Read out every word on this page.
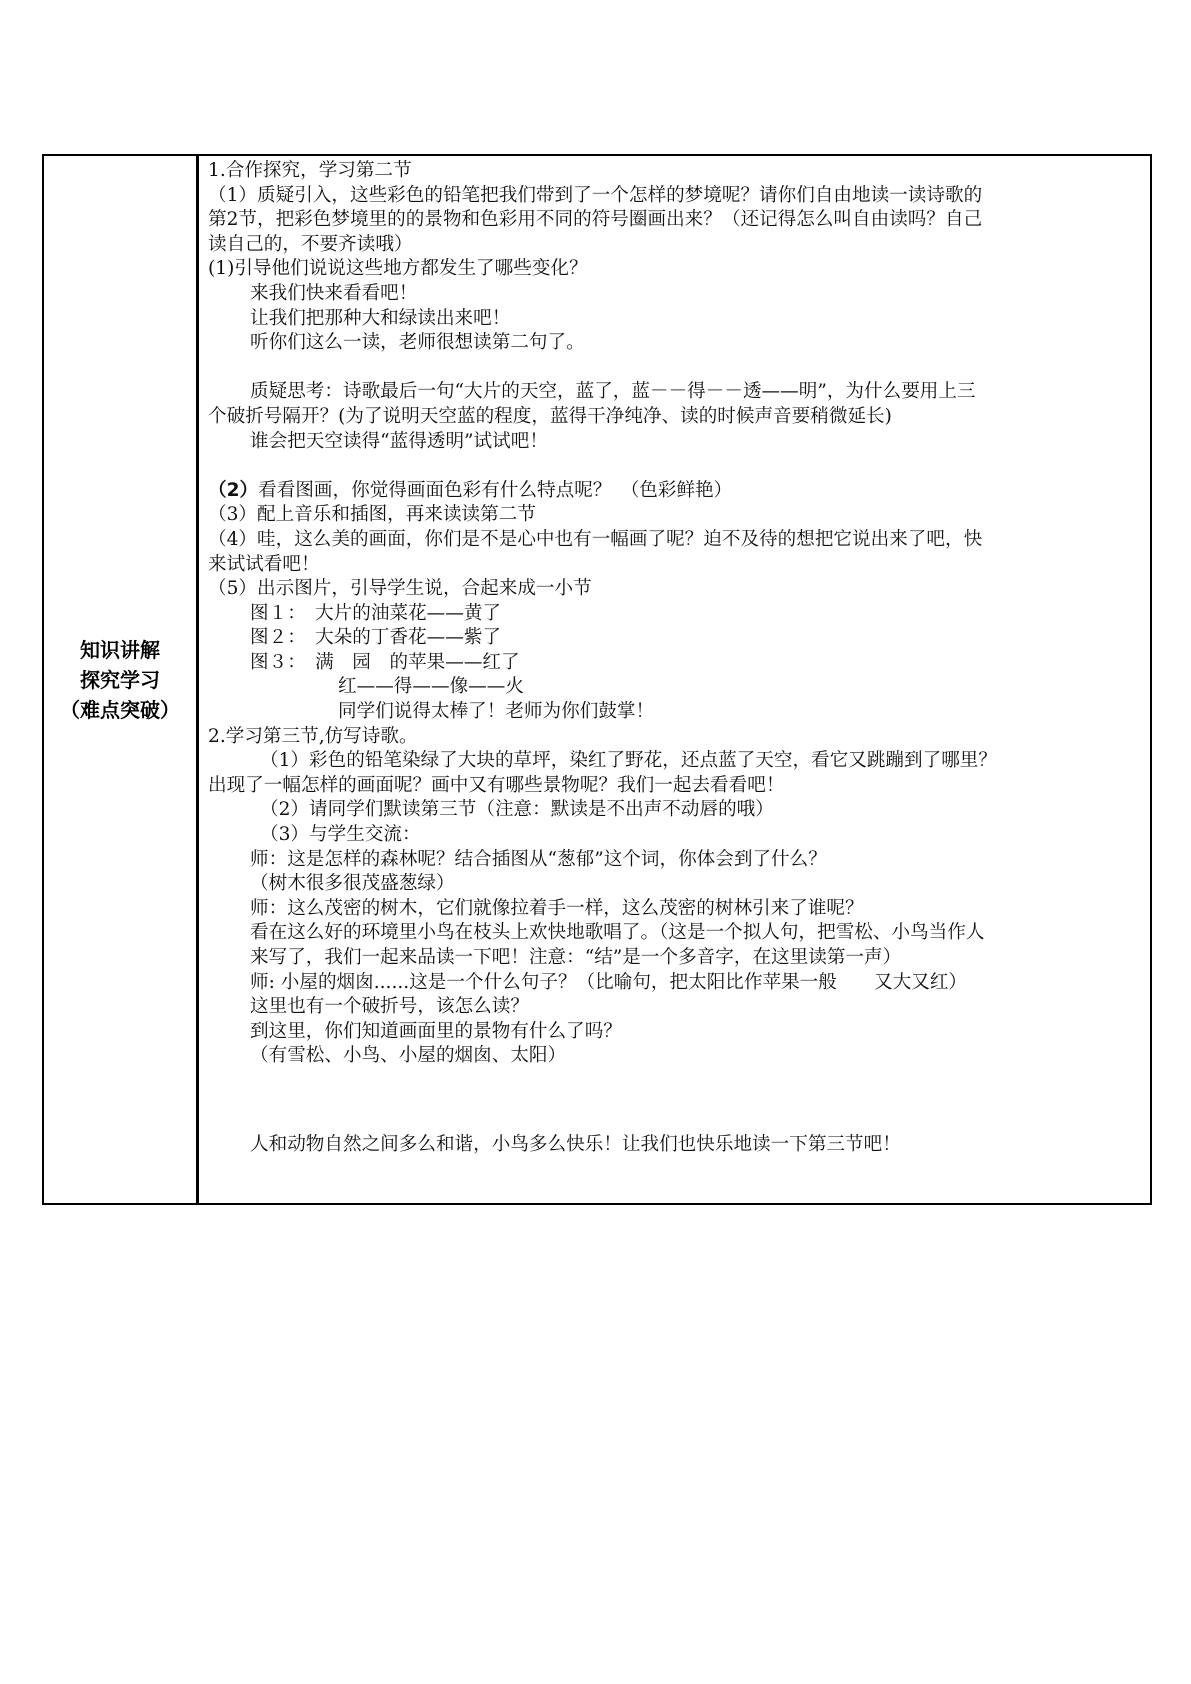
知识讲解
探究学习
（难点突破）
1.合作探究，学习第二节
（1）质疑引入，这些彩色的铅笔把我们带到了一个怎样的梦境呢？请你们自由地读一读诗歌的
第2节，把彩色梦境里的的景物和色彩用不同的符号圈画出来？（还记得怎么叫自由读吗？自己
读自己的，不要齐读哦）
(1)引导他们说说这些地方都发生了哪些变化？
来我们快来看看吧！
让我们把那种大和绿读出来吧！
听你们这么一读，老师很想读第二句了。
质疑思考：诗歌最后一句“大片的天空，蓝了，蓝－－得－－透——明”，为什么要用上三
个破折号隔开？(为了说明天空蓝的程度，蓝得干净纯净、读的时候声音要稍微延长)
谁会把天空读得“蓝得透明”试试吧！
（2）看看图画，你觉得画面色彩有什么特点呢？　（色彩鲜艳）
（3）配上音乐和插图，再来读读第二节
（4）哇，这么美的画面，你们是不是心中也有一幅画了呢？迫不及待的想把它说出来了吧，快
来试试看吧！
（5）出示图片，引导学生说，合起来成一小节
图１：　大片的油菜花——黄了
图２：　大朵的丁香花——紫了
图３：　满　园　的苹果——红了
红——得——像——火
同学们说得太棒了！老师为你们鼓掌！
2.学习第三节,仿写诗歌。
（1）彩色的铅笔染绿了大块的草坪，染红了野花，还点蓝了天空，看它又跳蹦到了哪里？
出现了一幅怎样的画面呢？画中又有哪些景物呢？我们一起去看看吧！
（2）请同学们默读第三节（注意：默读是不出声不动唇的哦）
（3）与学生交流：
师：这是怎样的森林呢？结合插图从“葱郁”这个词，你体会到了什么？
（树木很多很茂盛葱绿）
师：这么茂密的树木，它们就像拉着手一样，这么茂密的树林引来了谁呢？
看在这么好的环境里小鸟在枝头上欢快地歌唱了。（这是一个拟人句，把雪松、小鸟当作人
来写了，我们一起来品读一下吧！注意：“结”是一个多音字，在这里读第一声）
师: 小屋的烟囱......这是一个什么句子？（比喻句，把太阳比作苹果一般　　又大又红）
这里也有一个破折号，该怎么读？
到这里，你们知道画面里的景物有什么了吗？
（有雪松、小鸟、小屋的烟囱、太阳）
人和动物自然之间多么和谐，小鸟多么快乐！让我们也快乐地读一下第三节吧！
